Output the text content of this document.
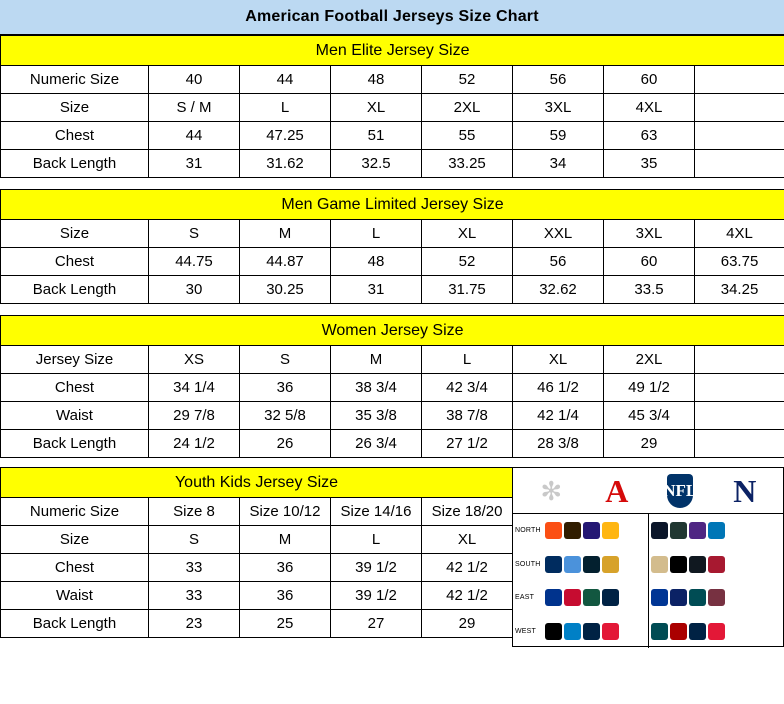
American Football Jerseys Size Chart
Men Elite Jersey Size							
Numeric Size	40	44	48	52	56	60	
Size	S / M	L	XL	2XL	3XL	4XL	
Chest	44	47.25	51	55	59	63	
Back Length	31	31.62	32.5	33.25	34	35	
Men Game Limited Jersey Size							
Size	S	M	L	XL	XXL	3XL	4XL
Chest	44.75	44.87	48	52	56	60	63.75
Back Length	30	30.25	31	31.75	32.62	33.5	34.25
Women Jersey Size							
Jersey Size	XS	S	M	L	XL	2XL	
Chest	34 1/4	36	38 3/4	42 3/4	46 1/2	49 1/2	
Waist	29 7/8	32 5/8	35 3/8	38 7/8	42 1/4	45 3/4	
Back Length	24 1/2	26	26 3/4	27 1/2	28 3/8	29	
Youth Kids Jersey Size				
Numeric Size	Size 8	Size 10/12	Size 14/16	Size 18/20
Size	S	M	L	XL
Chest	33	36	39 1/2	42 1/2
Waist	33	36	39 1/2	42 1/2
Back Length	23	25	27	29
✻ A NFL N
NORTH
SOUTH
EAST
WEST
